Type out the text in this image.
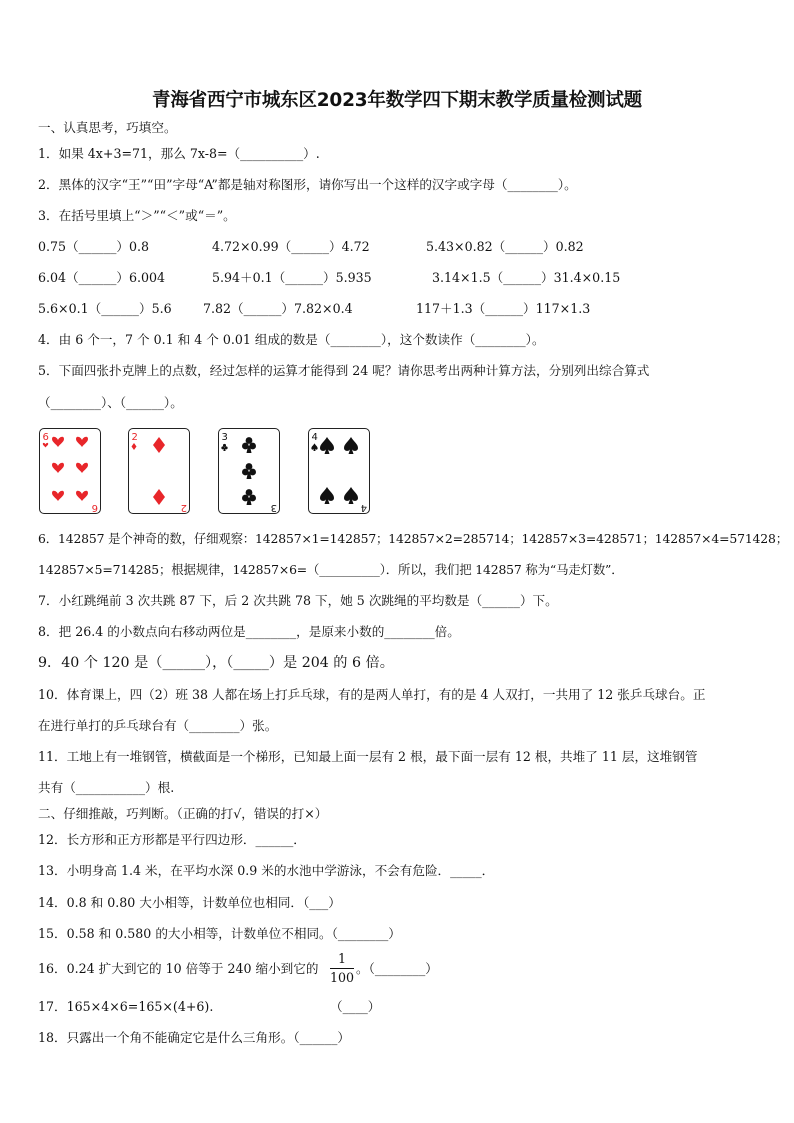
青海省西宁市城东区2023年数学四下期末教学质量检测试题
一、认真思考，巧填空。
1．如果 4x+3=71，那么 7x-8=（__________）.
2．黑体的汉字“王”“田”字母“A”都是轴对称图形，请你写出一个这样的汉字或字母（________）。
3．在括号里填上“＞”“＜”或“＝”。
0.75（______）0.8	4.72×0.99（______）4.72	5.43×0.82（______）0.82
6.04（______）6.004	5.94＋0.1（______）5.935	3.14×1.5（______）31.4×0.15
5.6×0.1（______）5.6 7.82（______）7.82×0.4	117＋1.3（______）117×1.3
4．由 6 个一，7 个 0.1 和 4 个 0.01 组成的数是（________），这个数读作（________）。
5．下面四张扑克牌上的点数，经过怎样的运算才能得到 24 呢？请你思考出两种计算方法，分别列出综合算式
（________）、（______）。
6
6
2
2
3
3
4
4
6．142857 是个神奇的数，仔细观察：142857×1=142857；142857×2=285714；142857×3=428571；142857×4=571428；
142857×5=714285；根据规律，142857×6=（__________）．所以，我们把 142857 称为“马走灯数”．
7．小红跳绳前 3 次共跳 87 下，后 2 次共跳 78 下，她 5 次跳绳的平均数是（______）下。
8．把 26.4 的小数点向右移动两位是________，是原来小数的________倍。
9．40 个 120 是（______），（_____）是 204 的 6 倍。
10．体育课上，四（2）班 38 人都在场上打乒乓球，有的是两人单打，有的是 4 人双打，一共用了 12 张乒乓球台。正
在进行单打的乒乓球台有（________）张。
11．工地上有一堆钢管，横截面是一个梯形，已知最上面一层有 2 根，最下面一层有 12 根，共堆了 11 层，这堆钢管
共有（___________）根.
二、仔细推敲，巧判断。（正确的打√，错误的打×）
12．长方形和正方形都是平行四边形．______．
13．小明身高 1.4 米，在平均水深 0.9 米的水池中学游泳，不会有危险．_____．
14．0.8 和 0.80 大小相等，计数单位也相同．（___）
15．0.58 和 0.580 的大小相等，计数单位不相同。（________）
16．0.24 扩大到它的 10 倍等于 240 缩小到它的
1
100
。（________）
17．165×4×6=165×(4+6).	（____）
18．只露出一个角不能确定它是什么三角形。（______）
